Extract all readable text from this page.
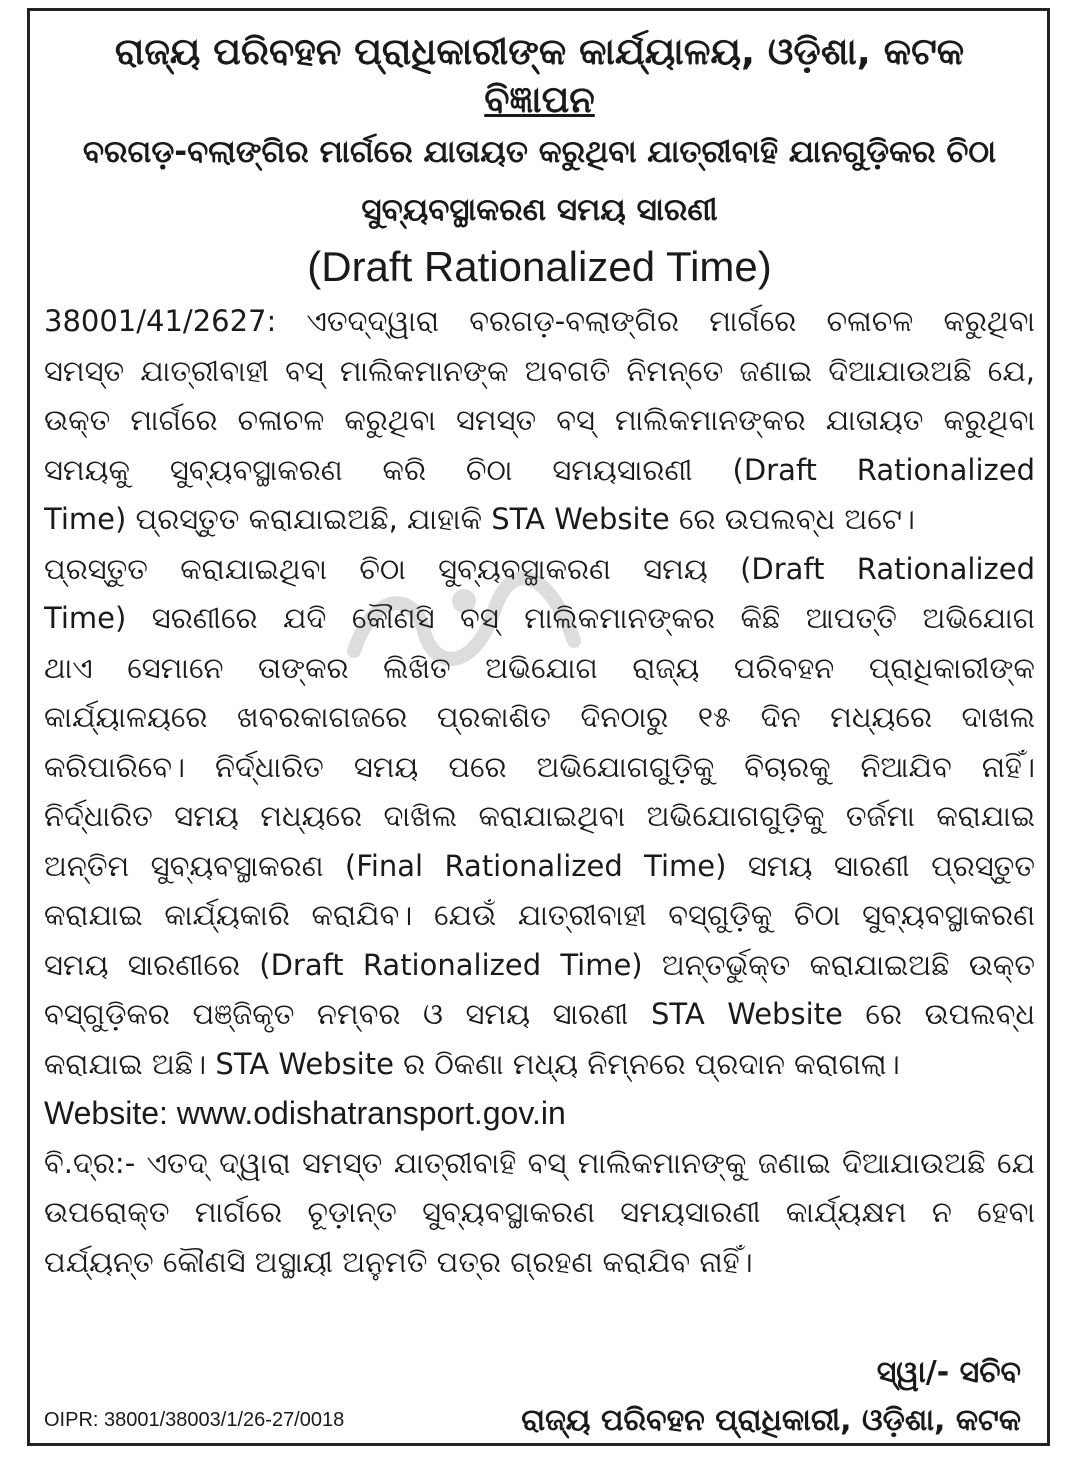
ରାଜ୍ୟ ପରିବହନ ପ୍ରାଧିକାରୀଙ୍କ କାର୍ଯ୍ୟାଳୟ, ଓଡ଼ିଶା, କଟକ
ବିଜ୍ଞାପନ
ବରଗଡ଼-ବଲାଙ୍ଗିର ମାର୍ଗରେ ଯାତାୟତ କରୁଥିବା ଯାତ୍ରୀବାହି ଯାନଗୁଡ଼ିକର ଚିଠା
ସୁବ୍ୟବସ୍ଥାକରଣ ସମୟ ସାରଣୀ
(Draft Rationalized Time)
38001/41/2627: ଏତଦ୍‌ଦ୍ୱାରା ବରଗଡ଼-ବଲାଙ୍ଗିର ମାର୍ଗରେ ଚଳାଚଳ କରୁଥିବା
ସମସ୍ତ ଯାତ୍ରୀବାହୀ ବସ୍ ମାଲିକମାନଙ୍କ ଅବଗତି ନିମନ୍ତେ ଜଣାଇ ଦିଆଯାଉଅଛି ଯେ,
ଉକ୍ତ ମାର୍ଗରେ ଚଳାଚଳ କରୁଥିବା ସମସ୍ତ ବସ୍ ମାଲିକମାନଙ୍କର ଯାତାୟତ କରୁଥିବା
ସମୟକୁ ସୁବ୍ୟବସ୍ଥାକରଣ କରି ଚିଠା ସମୟସାରଣୀ (Draft Rationalized
Time) ପ୍ରସ୍ତୁତ କରାଯାଇଅଛି, ଯାହାକି STA Website ରେ ଉପଲବ୍ଧ ଅଟେ।
ପ୍ରସ୍ତୁତ କରାଯାଇଥିବା ଚିଠା ସୁବ୍ୟବସ୍ଥାକରଣ ସମୟ (Draft Rationalized
Time) ସରଣୀରେ ଯଦି କୌଣସି ବସ୍ ମାଲିକମାନଙ୍କର କିଛି ଆପତ୍ତି ଅଭିଯୋଗ
ଥାଏ ସେମାନେ ତାଙ୍କର ଲିଖିତ ଅଭିଯୋଗ ରାଜ୍ୟ ପରିବହନ ପ୍ରାଧିକାରୀଙ୍କ
କାର୍ଯ୍ୟାଳୟରେ ଖବରକାଗଜରେ ପ୍ରକାଶିତ ଦିନଠାରୁ ୧୫ ଦିନ ମଧ୍ୟରେ ଦାଖଲ
କରିପାରିବେ। ନିର୍ଦ୍ଧାରିତ ସମୟ ପରେ ଅଭିଯୋଗଗୁଡ଼ିକୁ ବିଚାରକୁ ନିଆଯିବ ନାହିଁ।
ନିର୍ଦ୍ଧାରିତ ସମୟ ମଧ୍ୟରେ ଦାଖିଲ କରାଯାଇଥିବା ଅଭିଯୋଗଗୁଡ଼ିକୁ ତର୍ଜମା କରାଯାଇ
ଅନ୍ତିମ ସୁବ୍ୟବସ୍ଥାକରଣ (Final Rationalized Time) ସମୟ ସାରଣୀ ପ୍ରସ୍ତୁତ
କରାଯାଇ କାର୍ଯ୍ୟକାରି କରାଯିବ। ଯେଉଁ ଯାତ୍ରୀବାହୀ ବସ୍‌ଗୁଡ଼ିକୁ ଚିଠା ସୁବ୍ୟବସ୍ଥାକରଣ
ସମୟ ସାରଣୀରେ (Draft Rationalized Time) ଅନ୍ତର୍ଭୁକ୍ତ କରାଯାଇଅଛି ଉକ୍ତ
ବସ୍‌ଗୁଡ଼ିକର ପଞ୍ଜିକୃତ ନମ୍ବର ଓ ସମୟ ସାରଣୀ STA Website ରେ ଉପଲବ୍ଧ
କରାଯାଇ ଅଛି। STA Website ର ଠିକଣା ମଧ୍ୟ ନିମ୍ନରେ ପ୍ରଦାନ କରାଗଲା।
Website: www.odishatransport.gov.in
ବି.ଦ୍ର:- ଏତଦ୍ ଦ୍ୱାରା ସମସ୍ତ ଯାତ୍ରୀବାହି ବସ୍ ମାଲିକମାନଙ୍କୁ ଜଣାଇ ଦିଆଯାଉଅଛି ଯେ
ଉପରୋକ୍ତ ମାର୍ଗରେ ଚୂଡ଼ାନ୍ତ ସୁବ୍ୟବସ୍ଥାକରଣ ସମୟସାରଣୀ କାର୍ଯ୍ୟକ୍ଷମ ନ ହେବା
ପର୍ଯ୍ୟନ୍ତ କୌଣସି ଅସ୍ଥାୟୀ ଅନୁମତି ପତ୍ର ଗ୍ରହଣ କରାଯିବ ନାହିଁ।
ସ୍ୱା/- ସଚିବ
OIPR: 38001/38003/1/26-27/0018	ରାଜ୍ୟ ପରିବହନ ପ୍ରାଧିକାରୀ, ଓଡ଼ିଶା, କଟକ
